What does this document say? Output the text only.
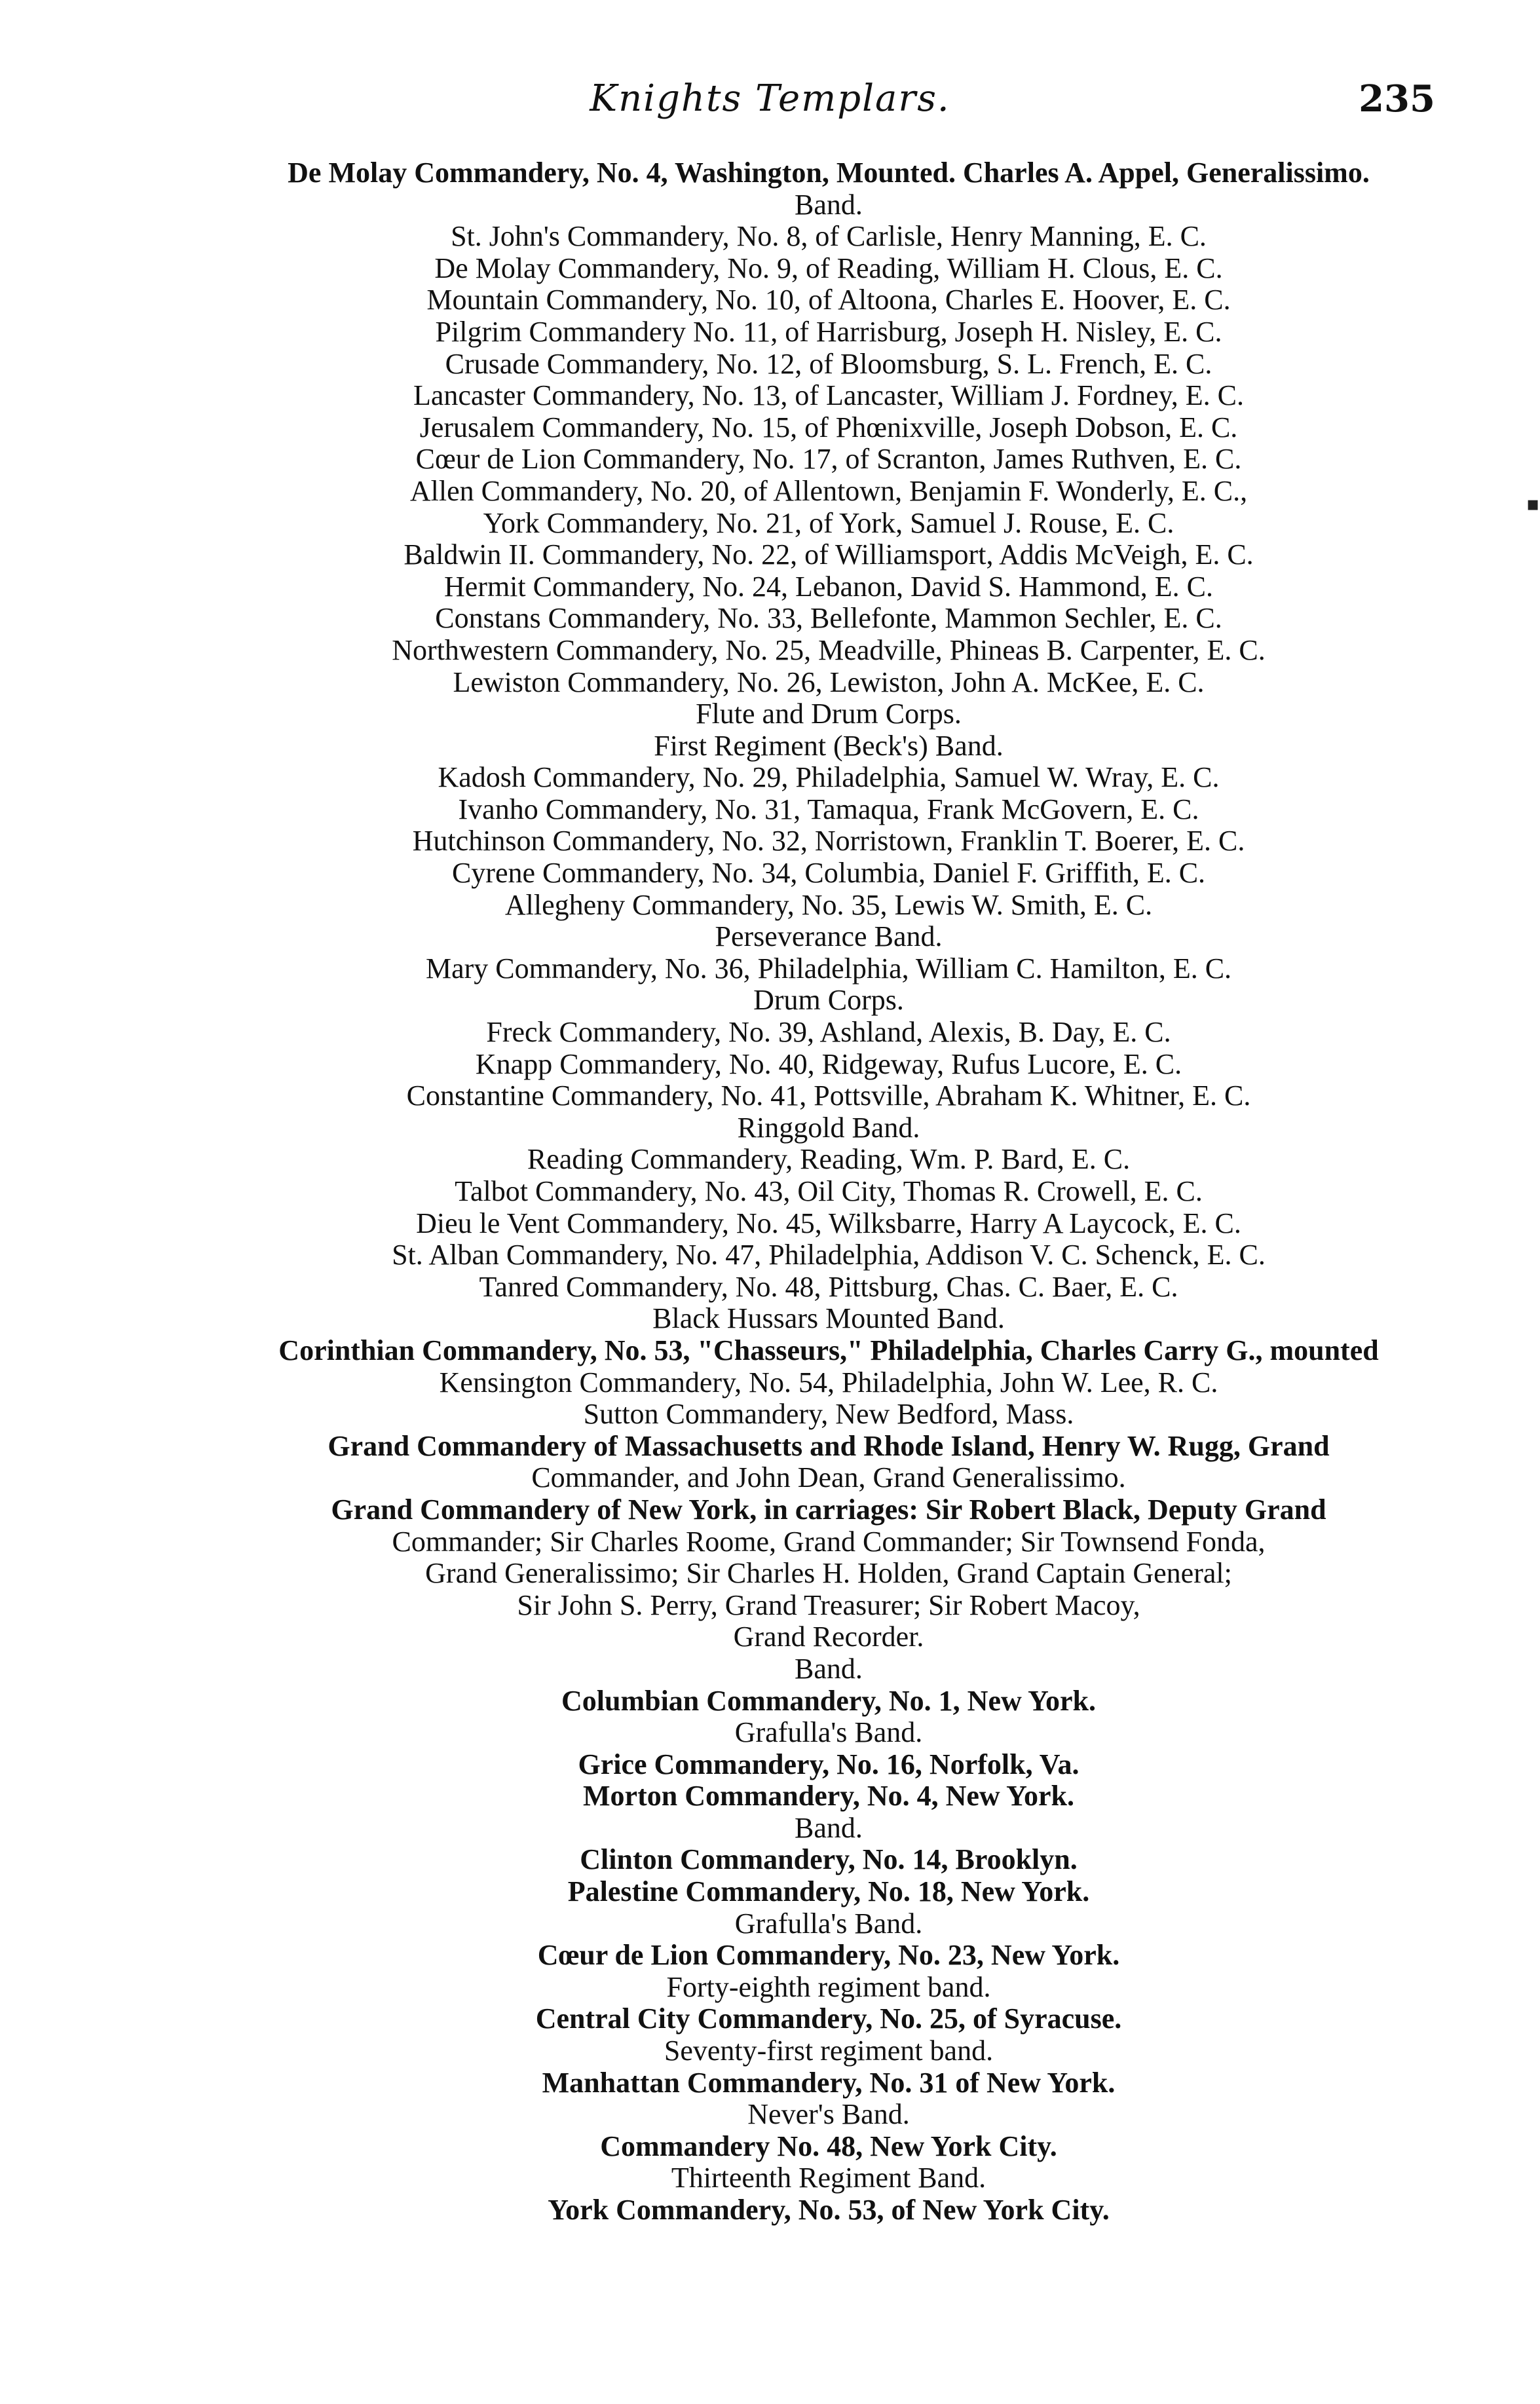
Knights Templars.	235

De Molay Commandery, No. 4, Washington, Mounted. Charles A. Appel, Generalissimo.

Band.

St. John's Commandery, No. 8, of Carlisle, Henry Manning, E. C.

De Molay Commandery, No. 9, of Reading, William H. Clous, E. C.

Mountain Commandery, No. 10, of Altoona, Charles E. Hoover, E. C.

Pilgrim Commandery No. 11, of Harrisburg, Joseph H. Nisley, E. C.

Crusade Commandery, No. 12, of Bloomsburg, S. L. French, E. C.

Lancaster Commandery, No. 13, of Lancaster, William J. Fordney, E. C.

Jerusalem Commandery, No. 15, of Phœnixville, Joseph Dobson, E. C.

Cœur de Lion Commandery, No. 17, of Scranton, James Ruthven, E. C.

Allen Commandery, No. 20, of Allentown, Benjamin F. Wonderly, E. C.,

York Commandery, No. 21, of York, Samuel J. Rouse, E. C.

Baldwin II. Commandery, No. 22, of Williamsport, Addis McVeigh, E. C.

Hermit Commandery, No. 24, Lebanon, David S. Hammond, E. C.

Constans Commandery, No. 33, Bellefonte, Mammon Sechler, E. C.

Northwestern Commandery, No. 25, Meadville, Phineas B. Carpenter, E. C.

Lewiston Commandery, No. 26, Lewiston, John A. McKee, E. C.

Flute and Drum Corps.

First Regiment (Beck's) Band.

Kadosh Commandery, No. 29, Philadelphia, Samuel W. Wray, E. C.

Ivanho Commandery, No. 31, Tamaqua, Frank McGovern, E. C.

Hutchinson Commandery, No. 32, Norristown, Franklin T. Boerer, E. C.

Cyrene Commandery, No. 34, Columbia, Daniel F. Griffith, E. C.

Allegheny Commandery, No. 35, Lewis W. Smith, E. C.

Perseverance Band.

Mary Commandery, No. 36, Philadelphia, William C. Hamilton, E. C.

Drum Corps.

Freck Commandery, No. 39, Ashland, Alexis, B. Day, E. C.

Knapp Commandery, No. 40, Ridgeway, Rufus Lucore, E. C.

Constantine Commandery, No. 41, Pottsville, Abraham K. Whitner, E. C.

Ringgold Band.

Reading Commandery, Reading, Wm. P. Bard, E. C.

Talbot Commandery, No. 43, Oil City, Thomas R. Crowell, E. C.

Dieu le Vent Commandery, No. 45, Wilksbarre, Harry A Laycock, E. C.

St. Alban Commandery, No. 47, Philadelphia, Addison V. C. Schenck, E. C.

Tanred Commandery, No. 48, Pittsburg, Chas. C. Baer, E. C.

Black Hussars Mounted Band.

Corinthian Commandery, No. 53, "Chasseurs," Philadelphia, Charles Carry G., mounted

Kensington Commandery, No. 54, Philadelphia, John W. Lee, R. C.

Sutton Commandery, New Bedford, Mass.

Grand Commandery of Massachusetts and Rhode Island, Henry W. Rugg, Grand

Commander, and John Dean, Grand Generalissimo.

Grand Commandery of New York, in carriages: Sir Robert Black, Deputy Grand

Commander; Sir Charles Roome, Grand Commander; Sir Townsend Fonda,

Grand Generalissimo; Sir Charles H. Holden, Grand Captain General;

Sir John S. Perry, Grand Treasurer; Sir Robert Macoy,

Grand Recorder.

Band.

Columbian Commandery, No. 1, New York.

Grafulla's Band.

Grice Commandery, No. 16, Norfolk, Va.

Morton Commandery, No. 4, New York.

Band.

Clinton Commandery, No. 14, Brooklyn.

Palestine Commandery, No. 18, New York.

Grafulla's Band.

Cœur de Lion Commandery, No. 23, New York.

Forty-eighth regiment band.

Central City Commandery, No. 25, of Syracuse.

Seventy-first regiment band.

Manhattan Commandery, No. 31 of New York.

Never's Band.

Commandery No. 48, New York City.

Thirteenth Regiment Band.

York Commandery, No. 53, of New York City.

▪
